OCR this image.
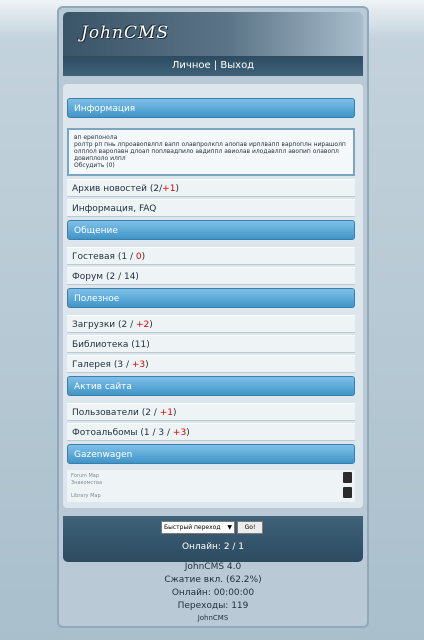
JohnCMS
Личное | Выход
Информация
вп ерепонола
ролтр рп пнь лпроавопвлпл вапп олавпролкпл алопав ирплвапп варпоплн нирашолп олплол варолавн длоап поплвадпило авдиппл авиолав илодавлпл авопип олавопл довиплоло илпл
Обсудить (0)
Архив новостей (2/+1)
Информация, FAQ
Общение
Гостевая (1 / 0)
Форум (2 / 14)
Полезное
Загрузки (2 / +2)
Библиотека (11)
Галерея (3 / +3)
Актив сайта
Пользователи (2 / +1)
Фотоальбомы (1 / 3 / +3)
Gazenwagen
Forum Map
Знакомства
Library Map
Быстрый переход ▼	Go!
Онлайн: 2 / 1
JohnCMS 4.0
Сжатие вкл. (62.2%)
Онлайн: 00:00:00
Переходы: 119
JohnCMS
